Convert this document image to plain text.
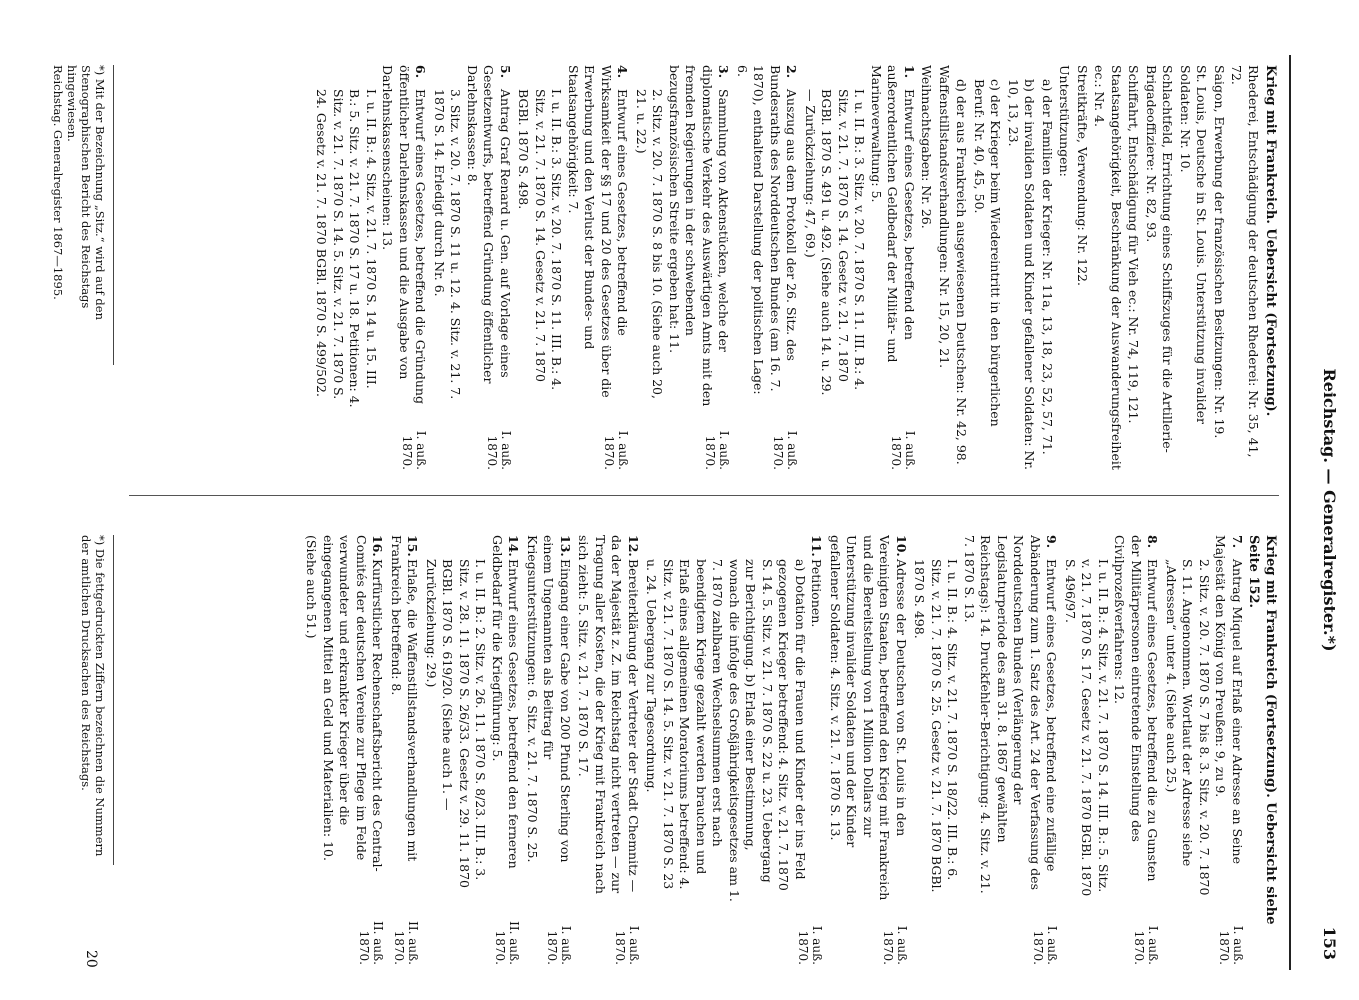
Reichstag. — Generalregister.*)
153
Krieg mit Frankreich. Uebersicht (Fortsetzung).
Rhederei, Entschädigung der deutschen Rhederei: Nr. 35, 41, 72.
Saigon, Erwerbung der französischen Besitzungen: Nr. 19.
St. Louis, Deutsche in St. Louis. Unterstützung invalider Soldaten: Nr. 10.
Schlachtfeld, Errichtung eines Schiffszuges für die Artillerie-Brigadeoffiziere: Nr. 82, 93.
Schiffahrt, Entschädigung für Vieh ec.: Nr. 74, 119, 121.
Staatsangehörigkeit, Beschränkung der Auswanderungsfreiheit ec.: Nr. 4.
Streitkräfte, Verwendung: Nr. 122.
Unterstützungen:
a) der Familien der Krieger: Nr. 11a, 13, 18, 23, 52, 57, 71.
b) der invaliden Soldaten und Kinder gefallener Soldaten: Nr. 10, 13, 23.
c) der Krieger beim Wiedereintritt in den bürgerlichen Beruf: Nr. 40, 45, 50.
d) der aus Frankreich ausgewiesenen Deutschen: Nr. 42, 98.
Waffenstillstandsverhandlungen: Nr. 15, 20, 21.
Weihnachtsgaben: Nr. 26.
I. auß. 1870.
1.Entwurf eines Gesetzes, betreffend den außerordentlichen Geldbedarf der Militär- und Marineverwaltung: 5.
I. u. II. B.: 3. Sitz. v. 20. 7. 1870 S. 11. III. B.: 4. Sitz. v. 21. 7. 1870 S. 14. Gesetz v. 21. 7. 1870 BGBl. 1870 S. 491 u. 492. (Siehe auch 14. u. 29. — Zurückziehung: 47, 69.)
I. auß. 1870.
2.Auszug aus dem Protokoll der 26. Sitz. des Bundesraths des Norddeutschen Bundes (am 16. 7. 1870), enthaltend Darstellung der politischen Lage: 6.
I. auß. 1870.
3.Sammlung von Aktenstücken, welche der diplomatische Verkehr des Auswärtigen Amts mit den fremden Regierungen in der schwebenden bezugsfranzösischen Streite ergeben hat: 11.
2. Sitz. v. 20. 7. 1870 S. 8 bis 10. (Siehe auch 20, 21. u. 22.)
I. auß. 1870.
4.Entwurf eines Gesetzes, betreffend die Wirksamkeit der §§ 17 und 20 des Gesetzes über die Erwerbung und den Verlust der Bundes- und Staatsangehörigkeit: 7.
I. u. II. B.: 3. Sitz. v. 20. 7. 1870 S. 11. III. B.: 4. Sitz. v. 21. 7. 1870 S. 14. Gesetz v. 21. 7. 1870 BGBl. 1870 S. 498.
I. auß. 1870.
5.Antrag Graf Renard u. Gen. auf Vorlage eines Gesetzentwurfs, betreffend Gründung öffentlicher Darlehnskassen: 8.
3. Sitz. v. 20. 7. 1870 S. 11 u. 12. 4. Sitz. v. 21. 7. 1870 S. 14. Erledigt durch Nr. 6.
I. auß. 1870.
6.Entwurf eines Gesetzes, betreffend die Gründung öffentlicher Darlehnskassen und die Ausgabe von Darlehnskassenscheinen: 13.
I. u. II. B.: 4. Sitz. v. 21. 7. 1870 S. 14 u. 15. III. B.: 5. Sitz. v. 21. 7. 1870 S. 17 u. 18. Petitionen: 4. Sitz. v. 21. 7. 1870 S. 14. 5. Sitz. v. 21. 7. 1870 S. 24. Gesetz v. 21. 7. 1870 BGBl. 1870 S. 499/502.
Krieg mit Frankreich (Fortsetzung). Uebersicht siehe Seite 152.
I. auß. 1870.
7.Antrag Miquel auf Erlaß einer Adresse an Seine Majestät den König von Preußen: 9, zu 9.
2. Sitz. v. 20. 7. 1870 S. 7 bis 8. 3. Sitz. v. 20. 7. 1870 S. 11. Angenommen. Wortlaut der Adresse siehe „Adressen“ unter 4. (Siehe auch 25.)
I. auß. 1870.
8.Entwurf eines Gesetzes, betreffend die zu Gunsten der Militärpersonen eintretende Einstellung des Civilprozeßverfahrens: 12.
I. u. II. B.: 4. Sitz. v. 21. 7. 1870 S. 14. III. B.: 5. Sitz. v. 21. 7. 1870 S. 17. Gesetz v. 21. 7. 1870 BGBl. 1870 S. 496/97.
I. auß. 1870.
9.Entwurf eines Gesetzes, betreffend eine zufällige Abänderung zum 1. Satz des Art. 24 der Verfassung des Norddeutschen Bundes (Verlängerung der Legislaturperiode des am 31. 8. 1867 gewählten Reichstags): 14. Druckfehler-Berichtigung: 4. Sitz. v. 21. 7. 1870 S. 13.
I. u. II. B.: 4. Sitz. v. 21. 7. 1870 S. 18/22. III. B.: 6. Sitz. v. 21. 7. 1870 S. 25. Gesetz v. 21. 7. 1870 BGBl. 1870 S. 498.
I. auß. 1870.
10.Adresse der Deutschen von St. Louis in den Vereinigten Staaten, betreffend den Krieg mit Frankreich und die Bereitstellung von 1 Million Dollars zur Unterstützung invalider Soldaten und der Kinder gefallener Soldaten: 4. Sitz. v. 21. 7. 1870 S. 13.
I. auß. 1870.
11.Petitionen.
a) Dotation für die Frauen und Kinder der ins Feld gezogenen Krieger betreffend: 4. Sitz. v. 21. 7. 1870 S. 14. 5. Sitz. v. 21. 7. 1870 S. 22 u. 23. Uebergang zur Berichtigung. b) Erlaß einer Bestimmung, wonach die infolge des Großjährigkeitsgesetzes am 1. 7. 1870 zahlbaren Wechselsummen erst nach beendigtem Kriege gezahlt werden brauchen und Erlaß eines allgemeinen Moratoriums betreffend: 4. Sitz. v. 21. 7. 1870 S. 14. 5. Sitz. v. 21. 7. 1870 S. 23 u. 24. Uebergang zur Tagesordnung.
I. auß. 1870.
12.Bereiterklärung der Vertreter der Stadt Chemnitz — da der Majestät z. Z. im Reichstag nicht vertreten — zur Tragung aller Kosten, die der Krieg mit Frankreich nach sich zieht: 5. Sitz. v. 21. 7. 1870 S. 17.
I. auß. 1870.
13.Eingang einer Gabe von 200 Pfund Sterling von einem Ungenannten als Beitrag für Kriegsunterstützungen: 6. Sitz. v. 21. 7. 1870 S. 25.
II. auß. 1870.
14.Entwurf eines Gesetzes, betreffend den ferneren Geldbedarf für die Kriegführung: 5.
I. u. II. B.: 2. Sitz. v. 26. 11. 1870 S. 8/23. III. B.: 3. Sitz. v. 28. 11. 1870 S. 26/33. Gesetz v. 29. 11. 1870 BGBl. 1870 S. 619/20. (Siehe auch 1. — Zurückziehung: 29.)
II. auß. 1870.
15.Erlaße, die Waffenstillstandsverhandlungen mit Frankreich betreffend: 8.
II. auß. 1870.
16.Kurfürstlicher Rechenschaftsbericht des Central-Comités der deutschen Vereine zur Pflege im Felde verwundeter und erkrankter Krieger über die eingegangenen Mittel an Geld und Materialien: 10. (Siehe auch 51.)
*) Mit der Bezeichnung „Sitz.“ wird auf den Stenographischen Bericht des Reichstags hingewiesen.
Reichstag. Generalregister 1867—1895.
*) Die fettgedruckten Ziffern bezeichnen die Nummern der amtlichen Drucksachen des Reichstags.
20
